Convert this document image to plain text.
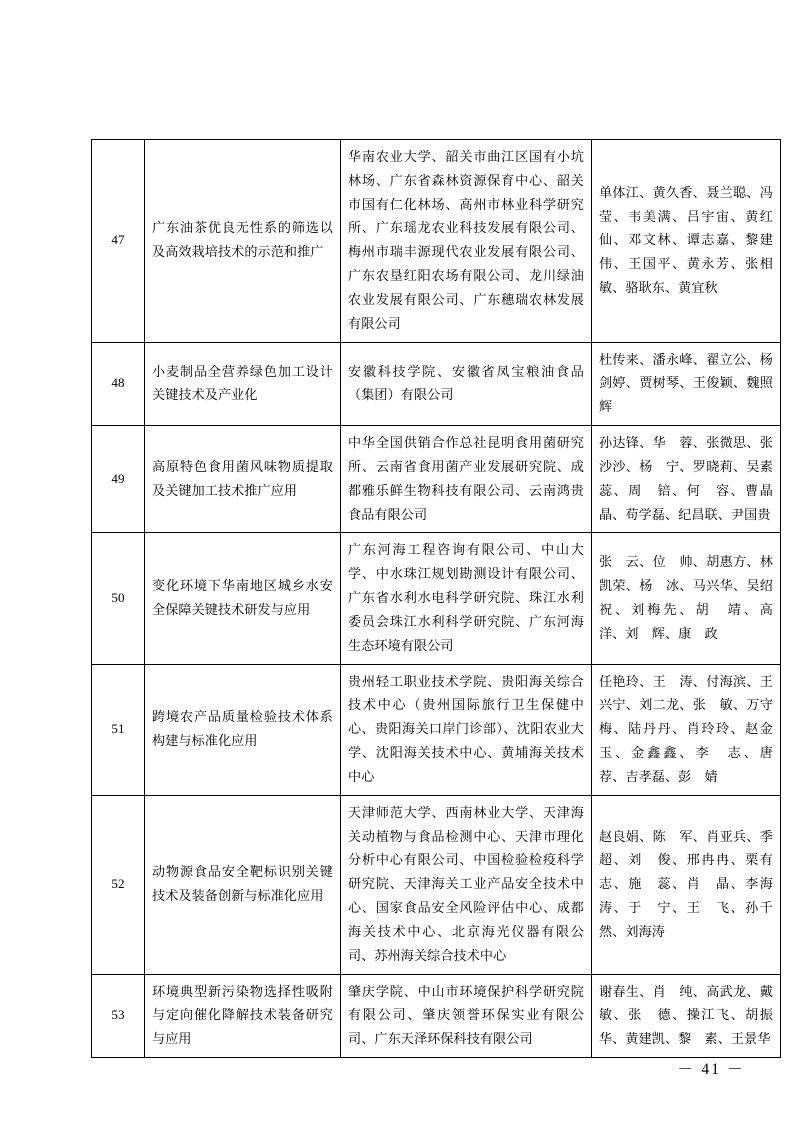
47	广东油茶优良无性系的筛选以及高效栽培技术的示范和推广	华南农业大学、韶关市曲江区国有小坑林场、广东省森林资源保育中心、韶关市国有仁化林场、高州市林业科学研究所、广东瑶龙农业科技发展有限公司、梅州市瑞丰源现代农业发展有限公司、广东农垦红阳农场有限公司、龙川绿油农业发展有限公司、广东穗瑞农林发展有限公司	单体江、黄久香、聂兰聪、冯　莹、韦美满、吕宇宙、黄红仙、邓文林、谭志嘉、黎建伟、王国平、黄永芳、张相敏、骆耿东、黄宜秋
48	小麦制品全营养绿色加工设计关键技术及产业化	安徽科技学院、安徽省凤宝粮油食品（集团）有限公司	杜传来、潘永峰、翟立公、杨剑婷、贾树琴、王俊颖、魏照辉
49	高原特色食用菌风味物质提取及关键加工技术推广应用	中华全国供销合作总社昆明食用菌研究所、云南省食用菌产业发展研究院、成都雅乐鲜生物科技有限公司、云南鸿贵食品有限公司	孙达锋、华　蓉、张微思、张沙沙、杨　宁、罗晓莉、吴素蕊、周　锫、何　容、曹晶晶、苟学磊、纪昌联、尹国贵
50	变化环境下华南地区城乡水安全保障关键技术研发与应用	广东河海工程咨询有限公司、中山大学、中水珠江规划勘测设计有限公司、广东省水利水电科学研究院、珠江水利委员会珠江水利科学研究院、广东河海生态环境有限公司	张　云、位　帅、胡惠方、林凯荣、杨　冰、马兴华、吴绍祝、刘梅先、胡　靖、高　洋、刘　辉、康　政
51	跨境农产品质量检验技术体系构建与标准化应用	贵州轻工职业技术学院、贵阳海关综合技术中心（贵州国际旅行卫生保健中心、贵阳海关口岸门诊部）、沈阳农业大学、沈阳海关技术中心、黄埔海关技术中心	任艳玲、王　涛、付海滨、王兴宁、刘二龙、张　敏、万守梅、陆丹丹、肖玲玲、赵金玉、金鑫鑫、李　志、唐　荐、吉孝磊、彭　婧
52	动物源食品安全靶标识别关键技术及装备创新与标准化应用	天津师范大学、西南林业大学、天津海关动植物与食品检测中心、天津市理化分析中心有限公司、中国检验检疫科学研究院、天津海关工业产品安全技术中心、国家食品安全风险评估中心、成都海关技术中心、北京海光仪器有限公司、苏州海关综合技术中心	赵良娟、陈　军、肖亚兵、季　超、刘　俊、邢冉冉、栗有志、施　蕊、肖　晶、李海涛、于　宁、王　飞、孙千然、刘海涛
53	环境典型新污染物选择性吸附与定向催化降解技术装备研究与应用	肇庆学院、中山市环境保护科学研究院有限公司、肇庆领誉环保实业有限公司、广东天泽环保科技有限公司	谢春生、肖　纯、高武龙、戴　敏、张　德、操江飞、胡振华、黄建凯、黎　素、王景华
－ 41 －
